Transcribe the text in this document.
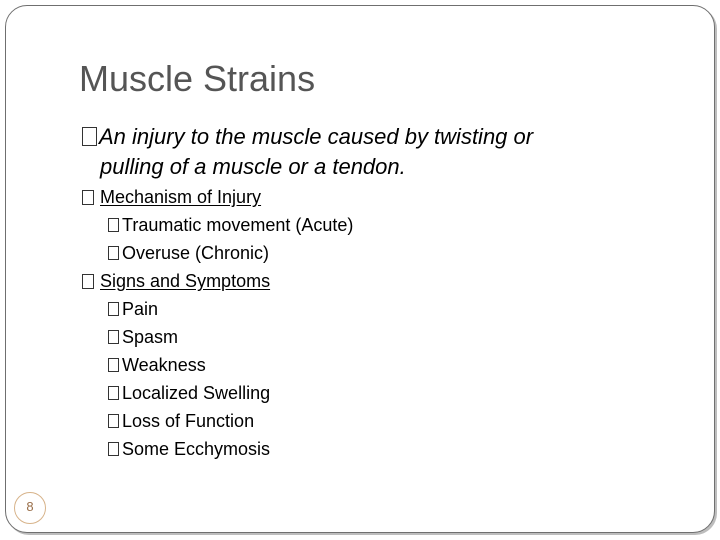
Muscle Strains
An injury to the muscle caused by twisting or
pulling of a muscle or a tendon.
Mechanism of Injury
Traumatic movement (Acute)
Overuse (Chronic)
Signs and Symptoms
Pain
Spasm
Weakness
Localized Swelling
Loss of Function
Some Ecchymosis
8
